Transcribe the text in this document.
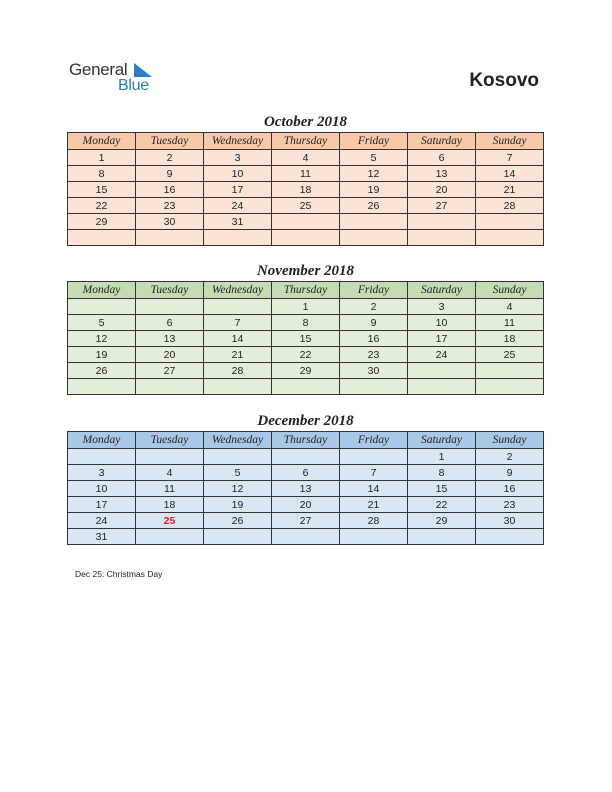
General
Blue	Kosovo
October 2018
Monday	Tuesday	Wednesday	Thursday	Friday	Saturday	Sunday
1	2	3	4	5	6	7
8	9	10	11	12	13	14
15	16	17	18	19	20	21
22	23	24	25	26	27	28
29	30	31				

November 2018
Monday	Tuesday	Wednesday	Thursday	Friday	Saturday	Sunday
			1	2	3	4
5	6	7	8	9	10	11
12	13	14	15	16	17	18
19	20	21	22	23	24	25
26	27	28	29	30		

December 2018
Monday	Tuesday	Wednesday	Thursday	Friday	Saturday	Sunday
					1	2
3	4	5	6	7	8	9
10	11	12	13	14	15	16
17	18	19	20	21	22	23
24	25	26	27	28	29	30
31						
Dec 25: Christmas Day
